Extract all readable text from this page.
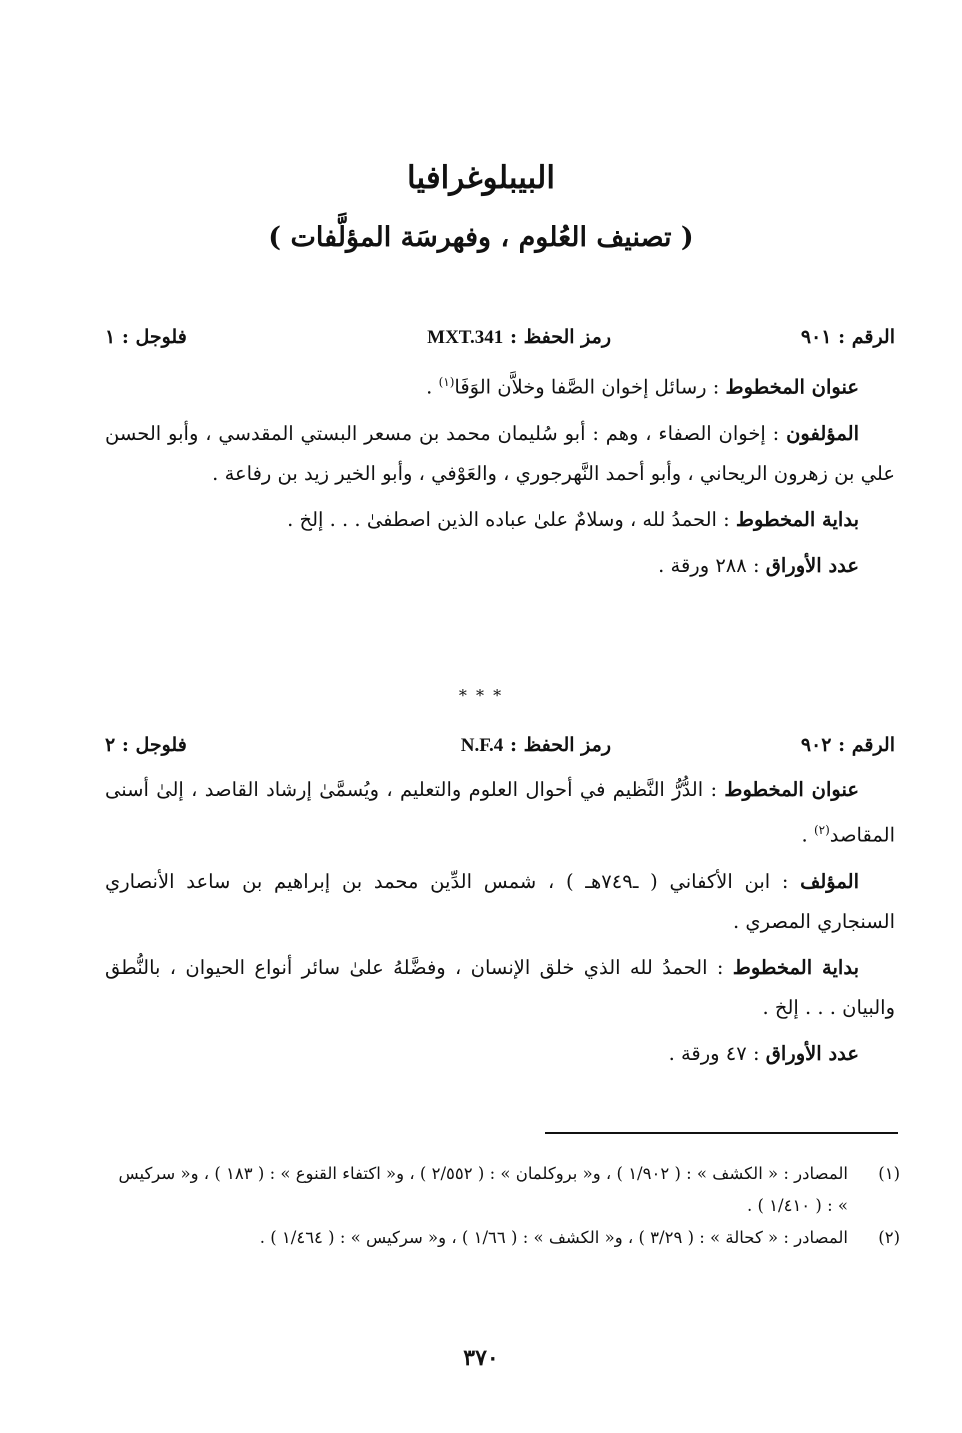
البيبلوغرافيا
( تصنيف العُلوم ، وفهرسَة المؤلَّفات )
الرقم : ٩٠١
رمز الحفظ : MXT.341
فلوجل : ١

عنوان المخطوط : رسائل إخوان الصَّفا وخلاَّن الوَفَا$^{(١)}$ .

المؤلفون : إخوان الصفاء ، وهم : أبو سُليمان محمد بن مسعر البستي المقدسي ، وأبو الحسن علي بن زهرون الريحاني ، وأبو أحمد النَّهرجوري ، والعَوْفي ، وأبو الخير زيد بن رفاعة .

بداية المخطوط : الحمدُ لله ، وسلامٌ علىٰ عباده الذين اصطفىٰ . . . إلخ .

عدد الأوراق : ٢٨٨ ورقة .

* * *
الرقم : ٩٠٢
رمز الحفظ : N.F.4
فلوجل : ٢

عنوان المخطوط : الدُّرُّ النَّظيم في أحوال العلوم والتعليم ، ويُسمَّىٰ إرشاد القاصد ، إلىٰ أسنى المقاصد$^{(٢)}$ .

المؤلف : ابن الأكفاني ( ـ٧٤٩هـ ) ، شمس الدِّين محمد بن إبراهيم بن ساعد الأنصاري السنجاري المصري .

بداية المخطوط : الحمدُ لله الذي خلق الإنسان ، وفضَّلهُ علىٰ سائر أنواع الحيوان ، بالنُّطق والبيان . . . إلخ .

عدد الأوراق : ٤٧ ورقة .

(١)
المصادر : « الكشف » : ( ١/٩٠٢ ) ، و« بروكلمان » : ( ٢/٥٥٢ ) ، و« اكتفاء القنوع » : ( ١٨٣ ) ، و« سركيس » : ( ١/٤١٠ ) .

(٢)
المصادر : « كحالة » : ( ٣/٢٩ ) ، و« الكشف » : ( ١/٦٦ ) ، و« سركيس » : ( ١/٤٦٤ ) .

٣٧٠
